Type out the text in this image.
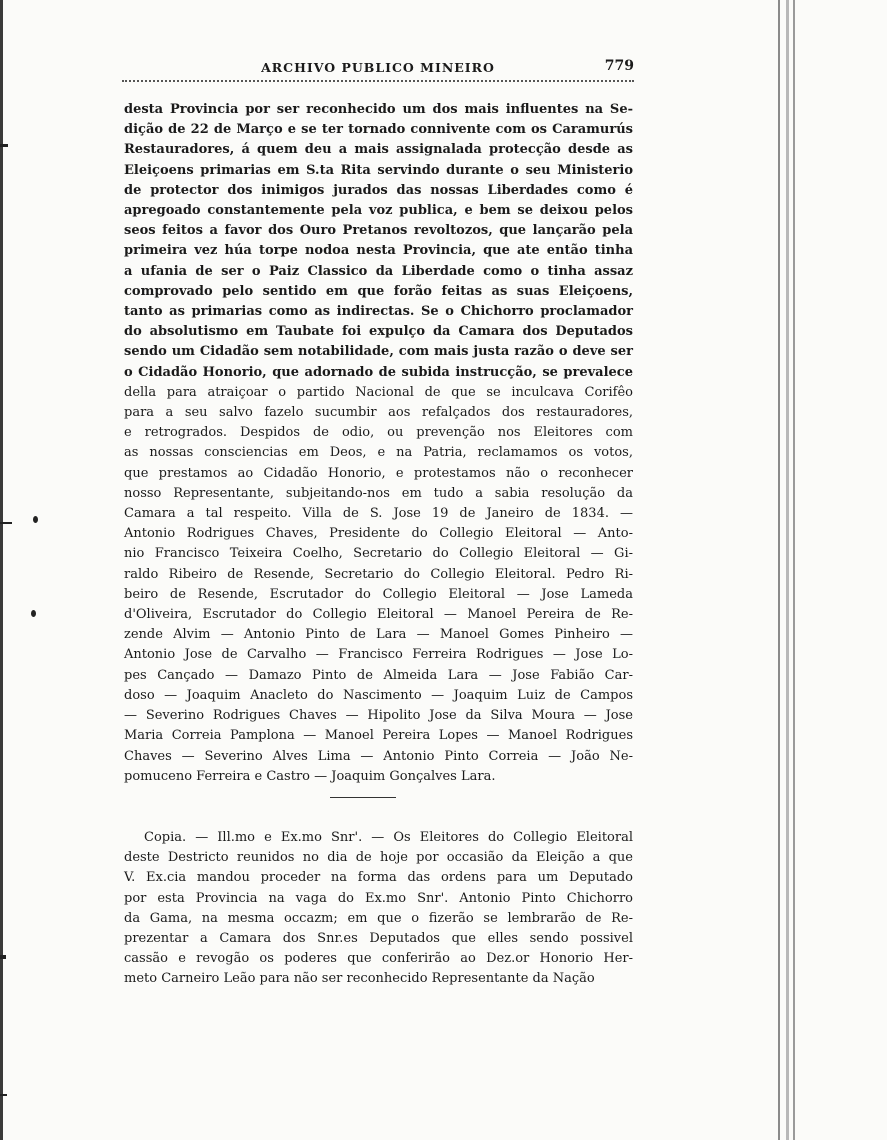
ARCHIVO PUBLICO MINEIRO	779
desta Provincia por ser reconhecido um dos mais influentes na Se-
dição de 22 de Março e se ter tornado connivente com os Caramurús
Restauradores, á quem deu a mais assignalada protecção desde as
Eleiçoens primarias em S.ta Rita servindo durante o seu Ministerio
de protector dos inimigos jurados das nossas Liberdades como é
apregoado constantemente pela voz publica, e bem se deixou pelos
seos feitos a favor dos Ouro Pretanos revoltozos, que lançarão pela
primeira vez húa torpe nodoa nesta Provincia, que ate então tinha
a ufania de ser o Paiz Classico da Liberdade como o tinha assaz
comprovado pelo sentido em que forão feitas as suas Eleiçoens,
tanto as primarias como as indirectas. Se o Chichorro proclamador
do absolutismo em Taubate foi expulço da Camara dos Deputados
sendo um Cidadão sem notabilidade, com mais justa razão o deve ser
o Cidadão Honorio, que adornado de subida instrucção, se prevalece
della para atraiçoar o partido Nacional de que se inculcava Corifêo
para a seu salvo fazelo sucumbir aos refalçados dos restauradores,
e retrogrados. Despidos de odio, ou prevenção nos Eleitores com
as nossas consciencias em Deos, e na Patria, reclamamos os votos,
que prestamos ao Cidadão Honorio, e protestamos não o reconhecer
nosso Representante, subjeitando-nos em tudo a sabia resolução da
Camara a tal respeito. Villa de S. Jose 19 de Janeiro de 1834. —
Antonio Rodrigues Chaves, Presidente do Collegio Eleitoral — Anto-
nio Francisco Teixeira Coelho, Secretario do Collegio Eleitoral — Gi-
raldo Ribeiro de Resende, Secretario do Collegio Eleitoral. Pedro Ri-
beiro de Resende, Escrutador do Collegio Eleitoral — Jose Lameda
d'Oliveira, Escrutador do Collegio Eleitoral — Manoel Pereira de Re-
zende Alvim — Antonio Pinto de Lara — Manoel Gomes Pinheiro —
Antonio Jose de Carvalho — Francisco Ferreira Rodrigues — Jose Lo-
pes Cançado — Damazo Pinto de Almeida Lara — Jose Fabião Car-
doso — Joaquim Anacleto do Nascimento — Joaquim Luiz de Campos
— Severino Rodrigues Chaves — Hipolito Jose da Silva Moura — Jose
Maria Correia Pamplona — Manoel Pereira Lopes — Manoel Rodrigues
Chaves — Severino Alves Lima — Antonio Pinto Correia — João Ne-
pomuceno Ferreira e Castro — Joaquim Gonçalves Lara.
Copia. — Ill.mo e Ex.mo Snr'. — Os Eleitores do Collegio Eleitoral
deste Destricto reunidos no dia de hoje por occasião da Eleição a que
V. Ex.cia mandou proceder na forma das ordens para um Deputado
por esta Provincia na vaga do Ex.mo Snr'. Antonio Pinto Chichorro
da Gama, na mesma occazm; em que o fizerão se lembrarão de Re-
prezentar a Camara dos Snr.es Deputados que elles sendo possivel
cassão e revogão os poderes que conferirão ao Dez.or Honorio Her-
meto Carneiro Leão para não ser reconhecido Representante da Nação
